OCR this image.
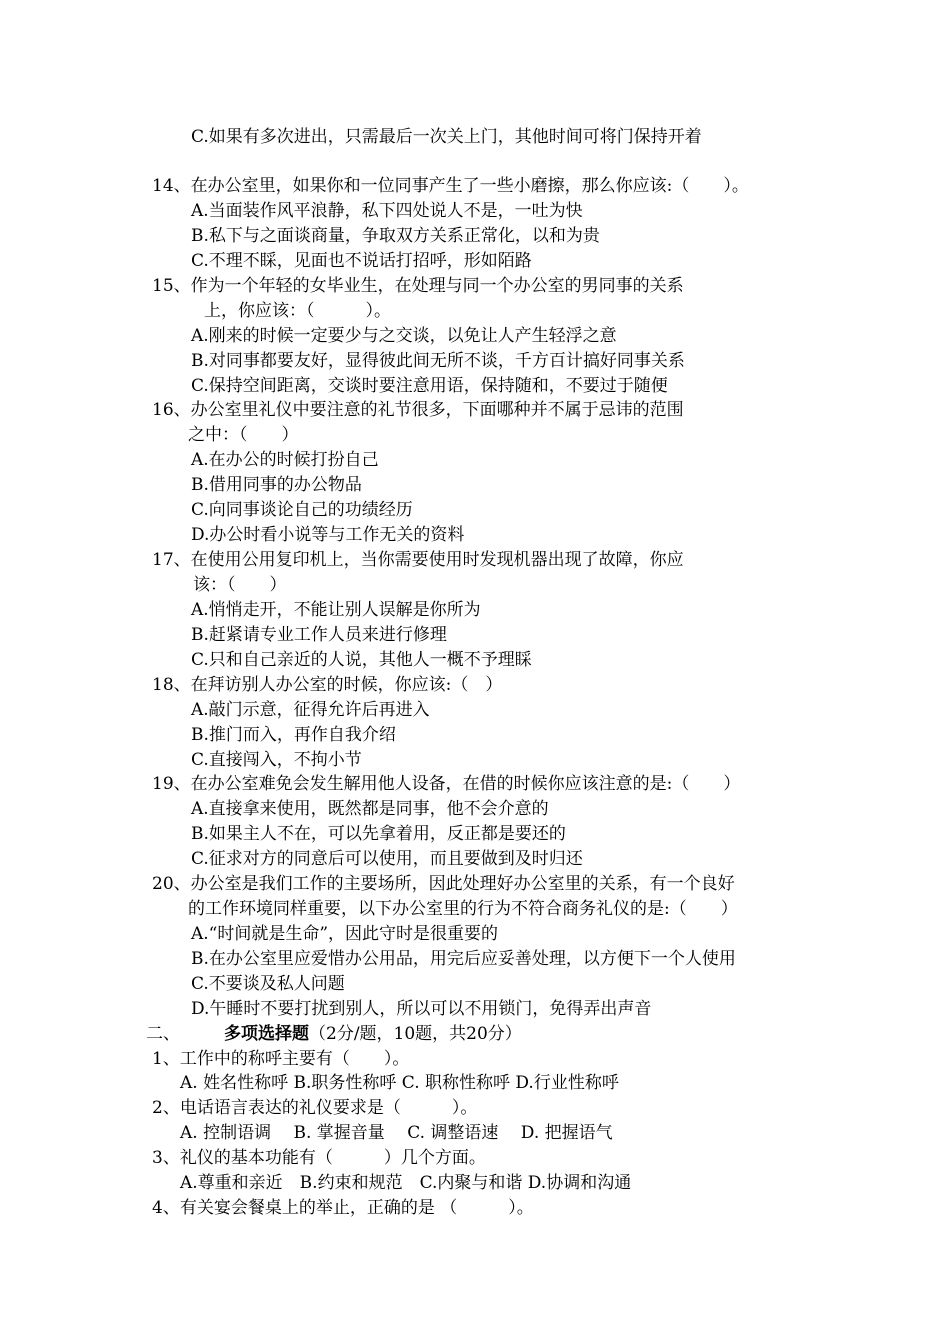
C.如果有多次进出，只需最后一次关上门，其他时间可将门保持开着
14、在办公室里，如果你和一位同事产生了一些小磨擦，那么你应该:（　　）。
A.当面装作风平浪静，私下四处说人不是，一吐为快
B.私下与之面谈商量，争取双方关系正常化，以和为贵
C.不理不睬，见面也不说话打招呼，形如陌路
15、作为一个年轻的女毕业生，在处理与同一个办公室的男同事的关系
上，你应该：（　　　）。
A.刚来的时候一定要少与之交谈，以免让人产生轻浮之意
B.对同事都要友好，显得彼此间无所不谈，千方百计搞好同事关系
C.保持空间距离，交谈时要注意用语，保持随和，不要过于随便
16、办公室里礼仪中要注意的礼节很多，下面哪种并不属于忌讳的范围
之中：（　　）
A.在办公的时候打扮自己
B.借用同事的办公物品
C.向同事谈论自己的功绩经历
D.办公时看小说等与工作无关的资料
17、在使用公用复印机上，当你需要使用时发现机器出现了故障，你应
该：（　　）
A.悄悄走开，不能让别人误解是你所为
B.赶紧请专业工作人员来进行修理
C.只和自己亲近的人说，其他人一概不予理睬
18、在拜访别人办公室的时候，你应该:（　）
A.敲门示意，征得允许后再进入
B.推门而入，再作自我介绍
C.直接闯入，不拘小节
19、在办公室难免会发生解用他人设备，在借的时候你应该注意的是:（　　）
A.直接拿来使用，既然都是同事，他不会介意的
B.如果主人不在，可以先拿着用，反正都是要还的
C.征求对方的同意后可以使用，而且要做到及时归还
20、办公室是我们工作的主要场所，因此处理好办公室里的关系，有一个良好
的工作环境同样重要，以下办公室里的行为不符合商务礼仪的是:（　　）
A.“时间就是生命”，因此守时是很重要的
B.在办公室里应爱惜办公用品，用完后应妥善处理，以方便下一个人使用
C.不要谈及私人问题
D.午睡时不要打扰到别人，所以可以不用锁门，免得弄出声音
二、	多项选择题（2分/题，10题，共20分）
1、工作中的称呼主要有（　　）。
A. 姓名性称呼 B.职务性称呼 C. 职称性称呼 D.行业性称呼
2、电话语言表达的礼仪要求是（　　　）。
A. 控制语调　 B. 掌握音量　 C. 调整语速　 D. 把握语气
3、礼仪的基本功能有（　　　）几个方面。
A.尊重和亲近　B.约束和规范　C.内聚与和谐 D.协调和沟通
4、有关宴会餐桌上的举止，正确的是 （　　　）。
